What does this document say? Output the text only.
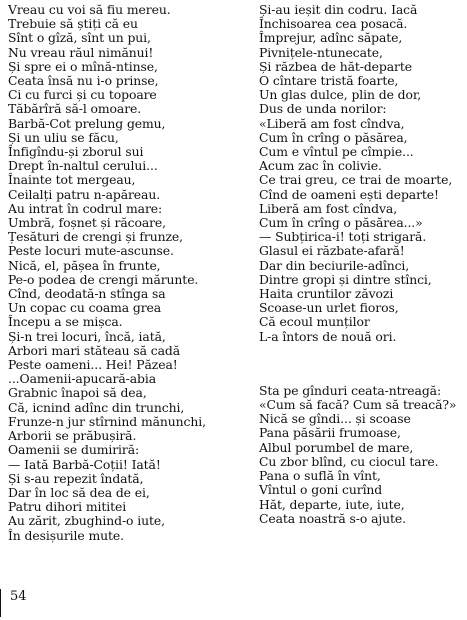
Vreau cu voi să fiu mereu.
Trebuie să știți că eu
Sînt o gîză, sînt un pui,
Nu vreau răul nimănui!
Și spre ei o mînă-ntinse,
Ceata însă nu i-o prinse,
Ci cu furci și cu topoare
Tăbărîră să-l omoare.
Barbă-Cot prelung gemu,
Și un uliu se făcu,
Înfigîndu-și zborul sui
Drept în-naltul cerului...
Înainte tot mergeau,
Ceilalți patru n-apăreau.
Au intrat în codrul mare:
Umbră, foșnet și răcoare,
Țesături de crengi și frunze,
Peste locuri mute-ascunse.
Nică, el, pășea în frunte,
Pe-o podea de crengi mărunte.
Cînd, deodată-n stînga sa
Un copac cu coama grea
Începu a se mișca.
Și-n trei locuri, încă, iată,
Arbori mari stăteau să cadă
Peste oameni... Hei! Păzea!
...Oamenii-apucară-abia
Grabnic înapoi să dea,
Că, icnind adînc din trunchi,
Frunze-n jur stîrnind mănunchi,
Arborii se prăbușiră.
Oamenii se dumiriră:
— Iată Barbă-Coții! Iată!
Și s-au repezit îndată,
Dar în loc să dea de ei,
Patru dihori mititei
Au zărit, zbughind-o iute,
În desișurile mute.
Și-au ieșit din codru. Iacă
Închisoarea cea posacă.
Împrejur, adînc săpate,
Pivnițele-ntunecate,
Și răzbea de hăt-departe
O cîntare tristă foarte,
Un glas dulce, plin de dor,
Dus de unda norilor:
«Liberă am fost cîndva,
Cum în crîng o păsărea,
Cum e vîntul pe cîmpie...
Acum zac în colivie.
Ce trai greu, ce trai de moarte,
Cînd de oameni ești departe!
Liberă am fost cîndva,
Cum în crîng o păsărea...»
— Subțirica-i! toți strigară.
Glasul ei răzbate-afară!
Dar din beciurile-adînci,
Dintre gropi și dintre stînci,
Haita cruntilor zăvozi
Scoase-un urlet fioros,
Că ecoul munților
L-a întors de nouă ori.
Sta pe gînduri ceata-ntreagă:
«Cum să facă? Cum să treacă?»
Nică se gîndi... și scoase
Pana păsării frumoase,
Albul porumbel de mare,
Cu zbor blînd, cu ciocul tare.
Pana o suflă în vînt,
Vîntul o goni curînd
Hăt, departe, iute, iute,
Ceata noastră s-o ajute.
54
